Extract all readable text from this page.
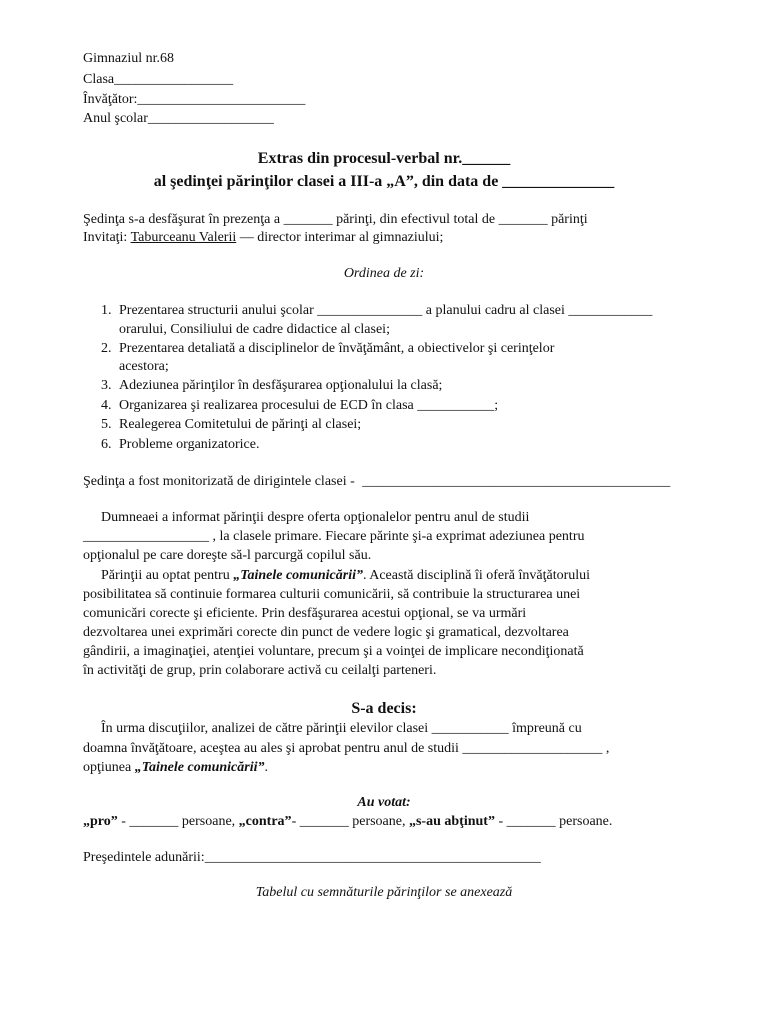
Gimnaziul nr.68
Clasa_________________
Învăţător:________________________
Anul şcolar__________________
Extras din procesul-verbal nr.______
al şedinţei părinţilor clasei a III-a „A”, din data de ______________
Şedinţa s-a desfăşurat în prezenţa a _______ părinţi, din efectivul total de _______ părinţi
Invitaţi: Taburceanu Valerii — director interimar al gimnaziului;
Ordinea de zi:
1. Prezentarea structurii anului şcolar _______________ a planului cadru al clasei ____________
orarului, Consiliului de cadre didactice al clasei;
2. Prezentarea detaliată a disciplinelor de învăţământ, a obiectivelor şi cerinţelor
acestora;
3. Adeziunea părinţilor în desfăşurarea opţionalului la clasă;
4. Organizarea şi realizarea procesului de ECD în clasa ___________;
5. Realegerea Comitetului de părinţi al clasei;
6. Probleme organizatorice.
Şedinţa a fost monitorizată de dirigintele clasei - ____________________________________________
Dumneaei a informat părinţii despre oferta opţionalelor pentru anul de studii
__________________ , la clasele primare. Fiecare părinte şi-a exprimat adeziunea pentru
opţionalul pe care doreşte să-l parcurgă copilul său.
Părinţii au optat pentru „Tainele comunicării”. Această disciplină îi oferă învăţătorului
posibilitatea să continuie formarea culturii comunicării, să contribuie la structurarea unei
comunicări corecte şi eficiente. Prin desfăşurarea acestui opţional, se va urmări
dezvoltarea unei exprimări corecte din punct de vedere logic şi gramatical, dezvoltarea
gândirii, a imaginaţiei, atenţiei voluntare, precum şi a voinţei de implicare necondiţionată
în activităţi de grup, prin colaborare activă cu ceilalţi parteneri.
S-a decis:
În urma discuţiilor, analizei de către părinţii elevilor clasei ___________ împreună cu
doamna învăţătoare, aceştea au ales şi aprobat pentru anul de studii ____________________ ,
opţiunea „Tainele comunicării”.
Au votat:
„pro” - _______ persoane, „contra”- _______ persoane, „s-au abţinut” - _______ persoane.
Preşedintele adunării:________________________________________________
Tabelul cu semnăturile părinţilor se anexează
